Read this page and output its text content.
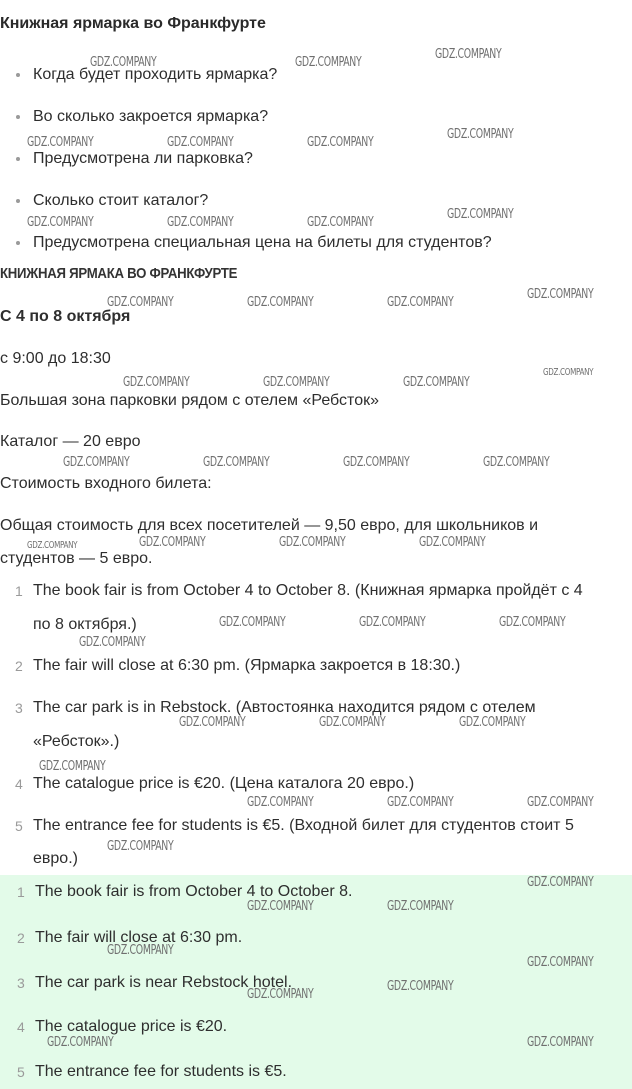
Книжная ярмарка во Франкфурте
Когда будет проходить ярмарка?
Во сколько закроется ярмарка?
Предусмотрена ли парковка?
Сколько стоит каталог?
Предусмотрена специальная цена на билеты для студентов?
КНИЖНАЯ ЯРМАКА ВО ФРАНКФУРТЕ
С 4 по 8 октября
с 9:00 до 18:30
Большая зона парковки рядом с отелем «Ребсток»
Каталог — 20 евро
Стоимость входного билета:
Общая стоимость для всех посетителей — 9,50 евро, для школьников и
студентов — 5 евро.
1 The book fair is from October 4 to October 8. (Книжная ярмарка пройдёт с 4
по 8 октября.)
2 The fair will close at 6:30 pm. (Ярмарка закроется в 18:30.)
3 The car park is in Rebstock. (Автостоянка находится рядом с отелем
«Ребсток».)
4 The catalogue price is €20. (Цена каталога 20 евро.)
5 The entrance fee for students is €5. (Входной билет для студентов стоит 5
евро.)
1 The book fair is from October 4 to October 8.
2 The fair will close at 6:30 pm.
3 The car park is near Rebstock hotel.
4 The catalogue price is €20.
5 The entrance fee for students is €5.
GDZ.COMPANY	GDZ.COMPANY
GDZ.COMPANY
GDZ.COMPANY	GDZ.COMPANY	GDZ.COMPANY
GDZ.COMPANY
GDZ.COMPANY	GDZ.COMPANY	GDZ.COMPANY
GDZ.COMPANY
GDZ.COMPANY	GDZ.COMPANY	GDZ.COMPANY
GDZ.COMPANY
GDZ.COMPANY	GDZ.COMPANY	GDZ.COMPANY
GDZ.COMPANY
GDZ.COMPANY	GDZ.COMPANY	GDZ.COMPANY	GDZ.COMPANY
GDZ.COMPANY	GDZ.COMPANY	GDZ.COMPANY	GDZ.COMPANY
GDZ.COMPANY	GDZ.COMPANY	GDZ.COMPANY
GDZ.COMPANY
GDZ.COMPANY	GDZ.COMPANY	GDZ.COMPANY
GDZ.COMPANY
GDZ.COMPANY	GDZ.COMPANY	GDZ.COMPANY
GDZ.COMPANY
GDZ.COMPANY
GDZ.COMPANY	GDZ.COMPANY
GDZ.COMPANY
GDZ.COMPANY
GDZ.COMPANY
GDZ.COMPANY
GDZ.COMPANY	GDZ.COMPANY
